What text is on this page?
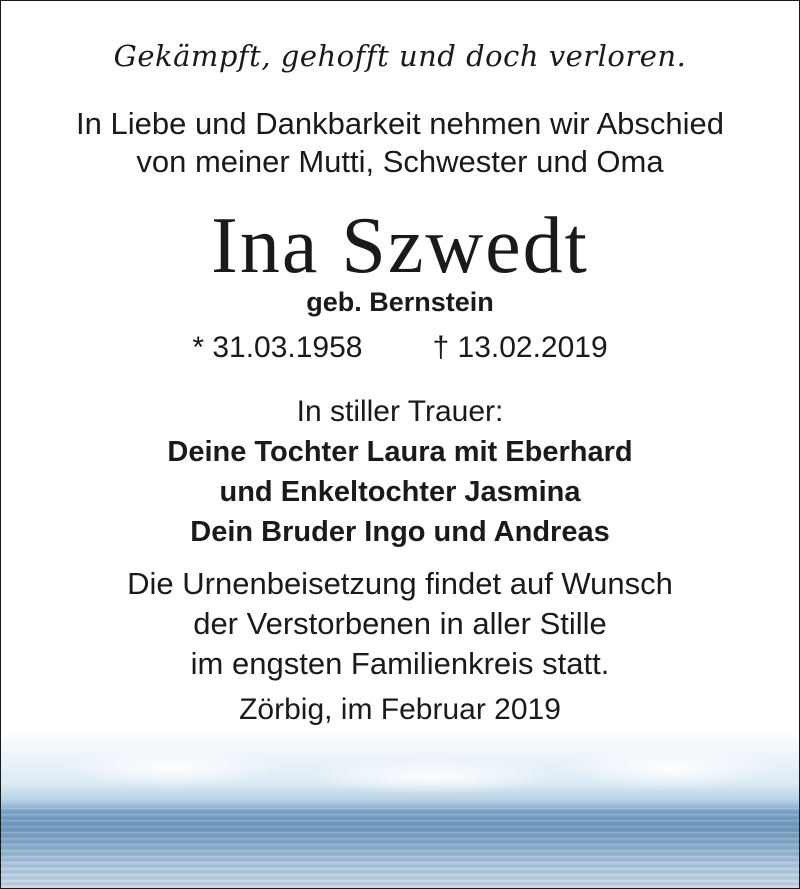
Gekämpft, gehofft und doch verloren.
In Liebe und Dankbarkeit nehmen wir Abschied
von meiner Mutti, Schwester und Oma
Ina Szwedt
geb. Bernstein
* 31.03.1958 † 13.02.2019
In stiller Trauer:
Deine Tochter Laura mit Eberhard
und Enkeltochter Jasmina
Dein Bruder Ingo und Andreas
Die Urnenbeisetzung findet auf Wunsch
der Verstorbenen in aller Stille
im engsten Familienkreis statt.
Zörbig, im Februar 2019
